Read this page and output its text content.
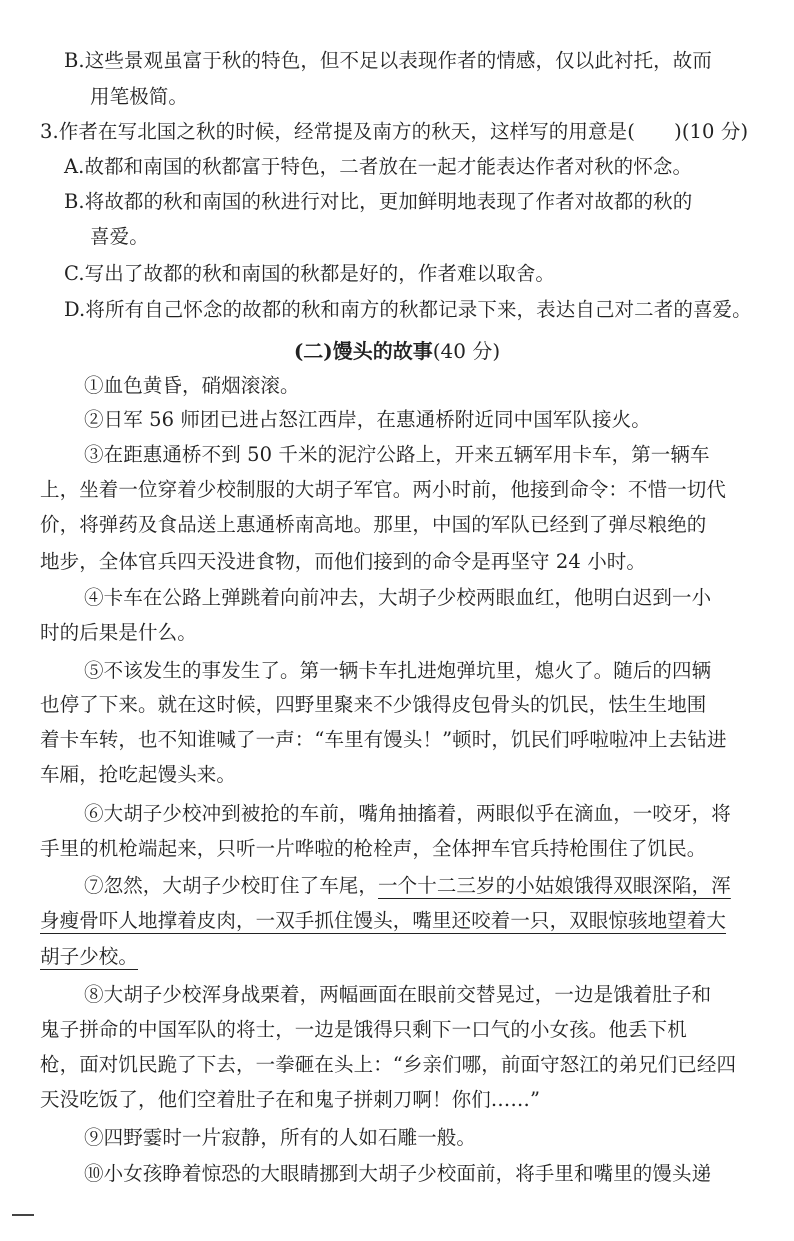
B.这些景观虽富于秋的特色，但不足以表现作者的情感，仅以此衬托，故而
用笔极简。
3.作者在写北国之秋的时候，经常提及南方的秋天，这样写的用意是(　　)(10 分)
A.故都和南国的秋都富于特色，二者放在一起才能表达作者对秋的怀念。
B.将故都的秋和南国的秋进行对比，更加鲜明地表现了作者对故都的秋的
喜爱。
C.写出了故都的秋和南国的秋都是好的，作者难以取舍。
D.将所有自己怀念的故都的秋和南方的秋都记录下来，表达自己对二者的喜爱。
(二)馒头的故事(40 分)
①血色黄昏，硝烟滚滚。
②日军 56 师团已进占怒江西岸，在惠通桥附近同中国军队接火。
③在距惠通桥不到 50 千米的泥泞公路上，开来五辆军用卡车，第一辆车
上，坐着一位穿着少校制服的大胡子军官。两小时前，他接到命令：不惜一切代
价，将弹药及食品送上惠通桥南高地。那里，中国的军队已经到了弹尽粮绝的
地步，全体官兵四天没进食物，而他们接到的命令是再坚守 24 小时。
④卡车在公路上弹跳着向前冲去，大胡子少校两眼血红，他明白迟到一小
时的后果是什么。
⑤不该发生的事发生了。第一辆卡车扎进炮弹坑里，熄火了。随后的四辆
也停了下来。就在这时候，四野里聚来不少饿得皮包骨头的饥民，怯生生地围
着卡车转，也不知谁喊了一声：“车里有馒头！”顿时，饥民们呼啦啦冲上去钻进
车厢，抢吃起馒头来。
⑥大胡子少校冲到被抢的车前，嘴角抽搐着，两眼似乎在滴血，一咬牙，将
手里的机枪端起来，只听一片哗啦的枪栓声，全体押车官兵持枪围住了饥民。
⑦忽然，大胡子少校盯住了车尾，一个十二三岁的小姑娘饿得双眼深陷，浑
身瘦骨吓人地撑着皮肉，一双手抓住馒头，嘴里还咬着一只，双眼惊骇地望着大
胡子少校。
⑧大胡子少校浑身战栗着，两幅画面在眼前交替晃过，一边是饿着肚子和
鬼子拼命的中国军队的将士，一边是饿得只剩下一口气的小女孩。他丢下机
枪，面对饥民跪了下去，一拳砸在头上：“乡亲们哪，前面守怒江的弟兄们已经四
天没吃饭了，他们空着肚子在和鬼子拼刺刀啊！你们……”
⑨四野霎时一片寂静，所有的人如石雕一般。
⑩小女孩睁着惊恐的大眼睛挪到大胡子少校面前，将手里和嘴里的馒头递
